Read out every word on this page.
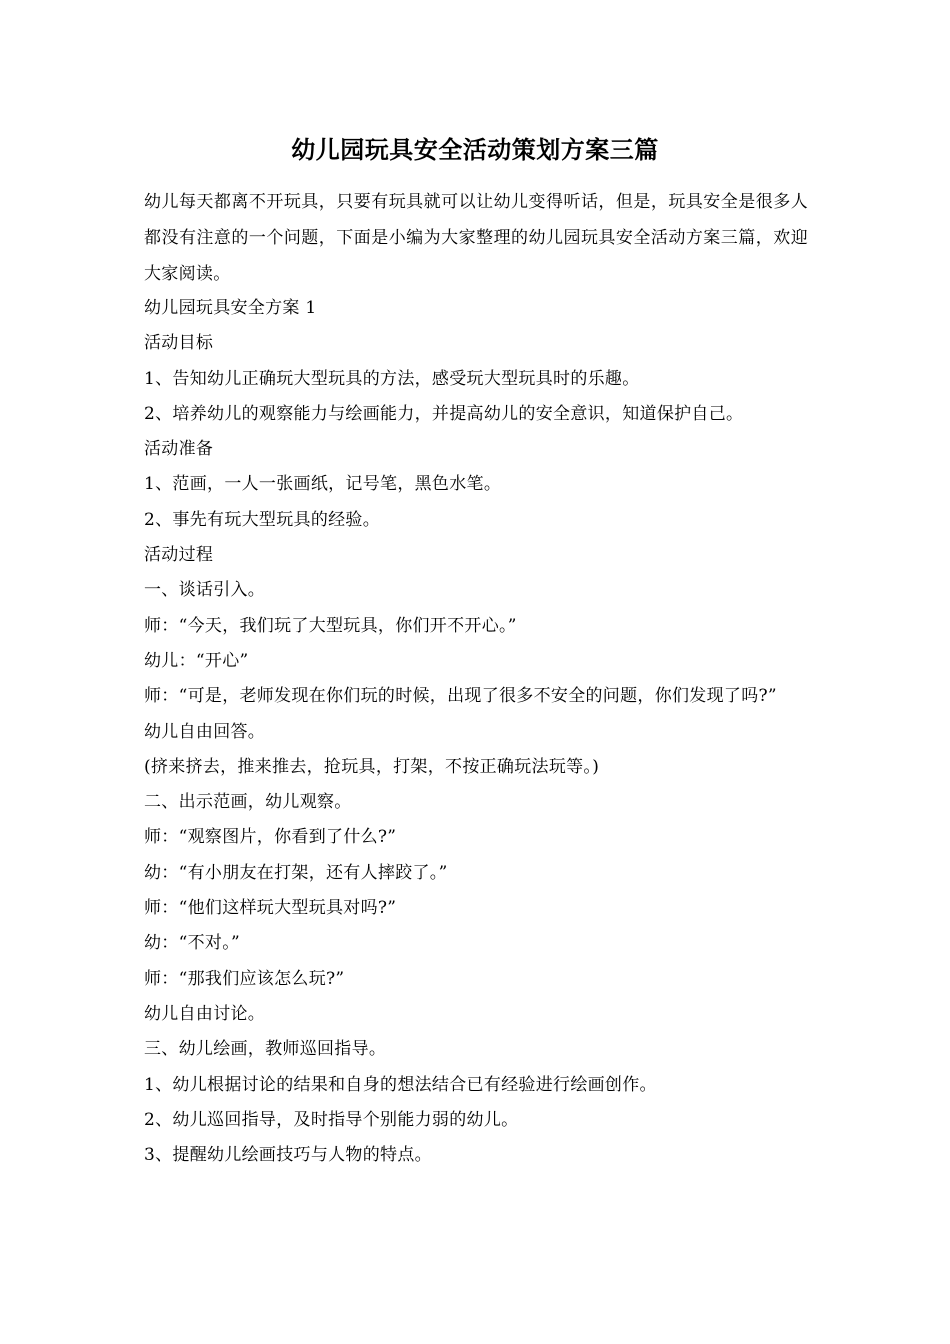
幼儿园玩具安全活动策划方案三篇

幼儿每天都离不开玩具，只要有玩具就可以让幼儿变得听话，但是，玩具安全是很多人都没有注意的一个问题，下面是小编为大家整理的幼儿园玩具安全活动方案三篇，欢迎大家阅读。

幼儿园玩具安全方案 1
活动目标
1、告知幼儿正确玩大型玩具的方法，感受玩大型玩具时的乐趣。
2、培养幼儿的观察能力与绘画能力，并提高幼儿的安全意识，知道保护自己。
活动准备
1、范画，一人一张画纸，记号笔，黑色水笔。
2、事先有玩大型玩具的经验。
活动过程
一、谈话引入。
师：“今天，我们玩了大型玩具，你们开不开心。”
幼儿：“开心”
师：“可是，老师发现在你们玩的时候，出现了很多不安全的问题，你们发现了吗?”
幼儿自由回答。
(挤来挤去，推来推去，抢玩具，打架，不按正确玩法玩等。)
二、出示范画，幼儿观察。
师：“观察图片，你看到了什么?”
幼：“有小朋友在打架，还有人摔跤了。”
师：“他们这样玩大型玩具对吗?”
幼：“不对。”
师：“那我们应该怎么玩?”
幼儿自由讨论。
三、幼儿绘画，教师巡回指导。
1、幼儿根据讨论的结果和自身的想法结合已有经验进行绘画创作。
2、幼儿巡回指导，及时指导个别能力弱的幼儿。
3、提醒幼儿绘画技巧与人物的特点。
